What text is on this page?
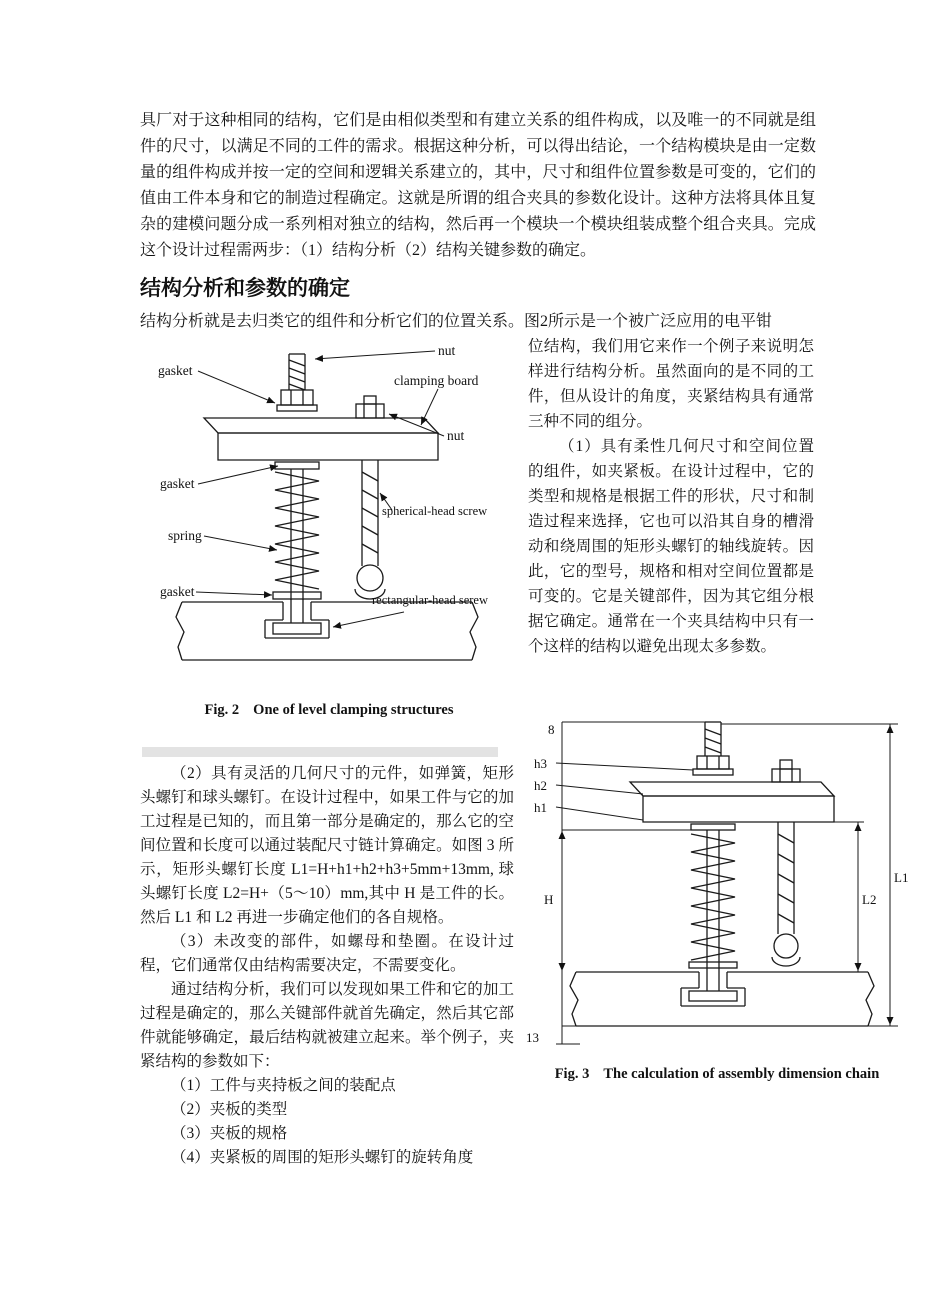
具厂对于这种相同的结构，它们是由相似类型和有建立关系的组件构成，以及唯一的不同就是组件的尺寸，以满足不同的工件的需求。根据这种分析，可以得出结论，一个结构模块是由一定数量的组件构成并按一定的空间和逻辑关系建立的，其中，尺寸和组件位置参数是可变的，它们的值由工件本身和它的制造过程确定。这就是所谓的组合夹具的参数化设计。这种方法将具体且复杂的建模问题分成一系列相对独立的结构，然后再一个模块一个模块组装成整个组合夹具。完成这个设计过程需两步：（1）结构分析（2）结构关键参数的确定。
结构分析和参数的确定
结构分析就是去归类它的组件和分析它们的位置关系。图2所示是一个被广泛应用的电平钳
gasket
nut
clamping board
nut
gasket
spherical-head screw
spring
gasket
rectangular-head serew
Fig. 2 One of level clamping structures

位结构，我们用它来作一个例子来说明怎样进行结构分析。虽然面向的是不同的工件，但从设计的角度，夹紧结构具有通常三种不同的组分。

（1）具有柔性几何尺寸和空间位置的组件，如夹紧板。在设计过程中，它的类型和规格是根据工件的形状，尺寸和制造过程来选择，它也可以沿其自身的槽滑动和绕周围的矩形头螺钉的轴线旋转。因此，它的型号，规格和相对空间位置都是可变的。它是关键部件，因为其它组分根据它确定。通常在一个夹具结构中只有一个这样的结构以避免出现太多参数。

（2）具有灵活的几何尺寸的元件，如弹簧，矩形头螺钉和球头螺钉。在设计过程中，如果工件与它的加工过程是已知的，而且第一部分是确定的，那么它的空间位置和长度可以通过装配尺寸链计算确定。如图 3 所示，矩形头螺钉长度 L1=H+h1+h2+h3+5mm+13mm, 球头螺钉长度 L2=H+（5～10）mm,其中 H 是工件的长。然后 L1 和 L2 再进一步确定他们的各自规格。

（3）未改变的部件，如螺母和垫圈。在设计过程，它们通常仅由结构需要决定，不需要变化。

通过结构分析，我们可以发现如果工件和它的加工过程是确定的，那么关键部件就首先确定，然后其它部件就能够确定，最后结构就被建立起来。举个例子，夹紧结构的参数如下：

（1）工件与夹持板之间的装配点
（2）夹板的类型
（3）夹板的规格
（4）夹紧板的周围的矩形头螺钉的旋转角度
8
h3
h2
h1
H
13
L1
L2
Fig. 3 The calculation of assembly dimension chain
